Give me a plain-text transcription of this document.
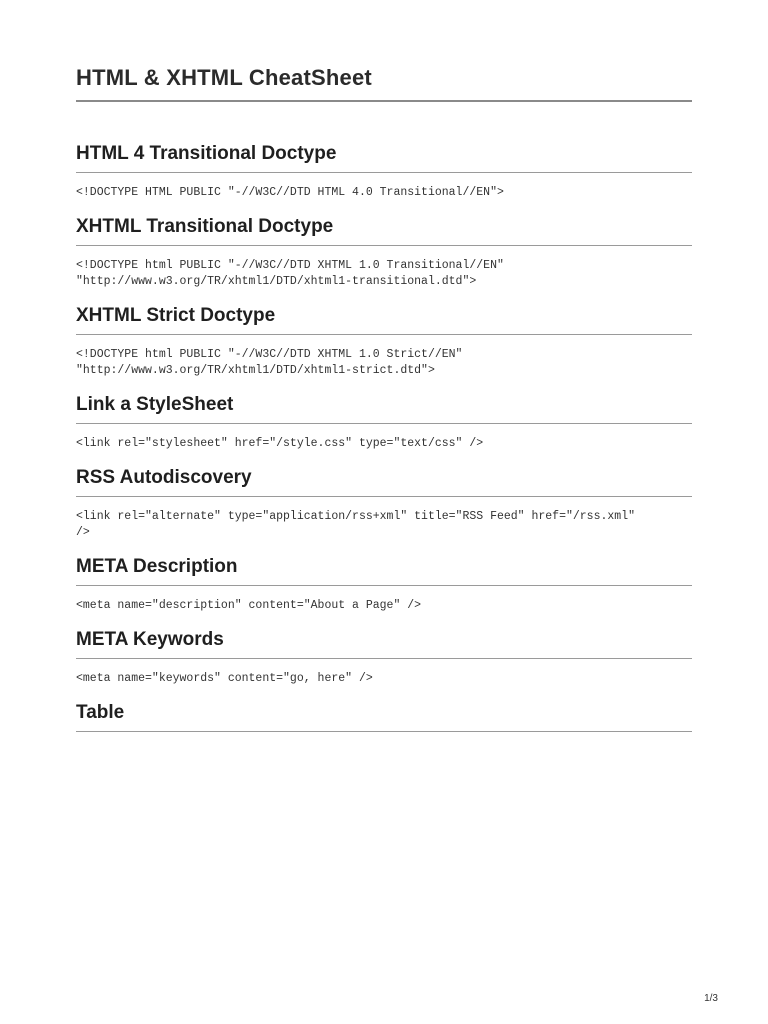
HTML & XHTML CheatSheet
HTML 4 Transitional Doctype
<!DOCTYPE HTML PUBLIC "-//W3C//DTD HTML 4.0 Transitional//EN">
XHTML Transitional Doctype
<!DOCTYPE html PUBLIC "-//W3C//DTD XHTML 1.0 Transitional//EN"
"http://www.w3.org/TR/xhtml1/DTD/xhtml1-transitional.dtd">
XHTML Strict Doctype
<!DOCTYPE html PUBLIC "-//W3C//DTD XHTML 1.0 Strict//EN"
"http://www.w3.org/TR/xhtml1/DTD/xhtml1-strict.dtd">
Link a StyleSheet
<link rel="stylesheet" href="/style.css" type="text/css" />
RSS Autodiscovery
<link rel="alternate" type="application/rss+xml" title="RSS Feed" href="/rss.xml"
/>
META Description
<meta name="description" content="About a Page" />
META Keywords
<meta name="keywords" content="go, here" />
Table
1/3
